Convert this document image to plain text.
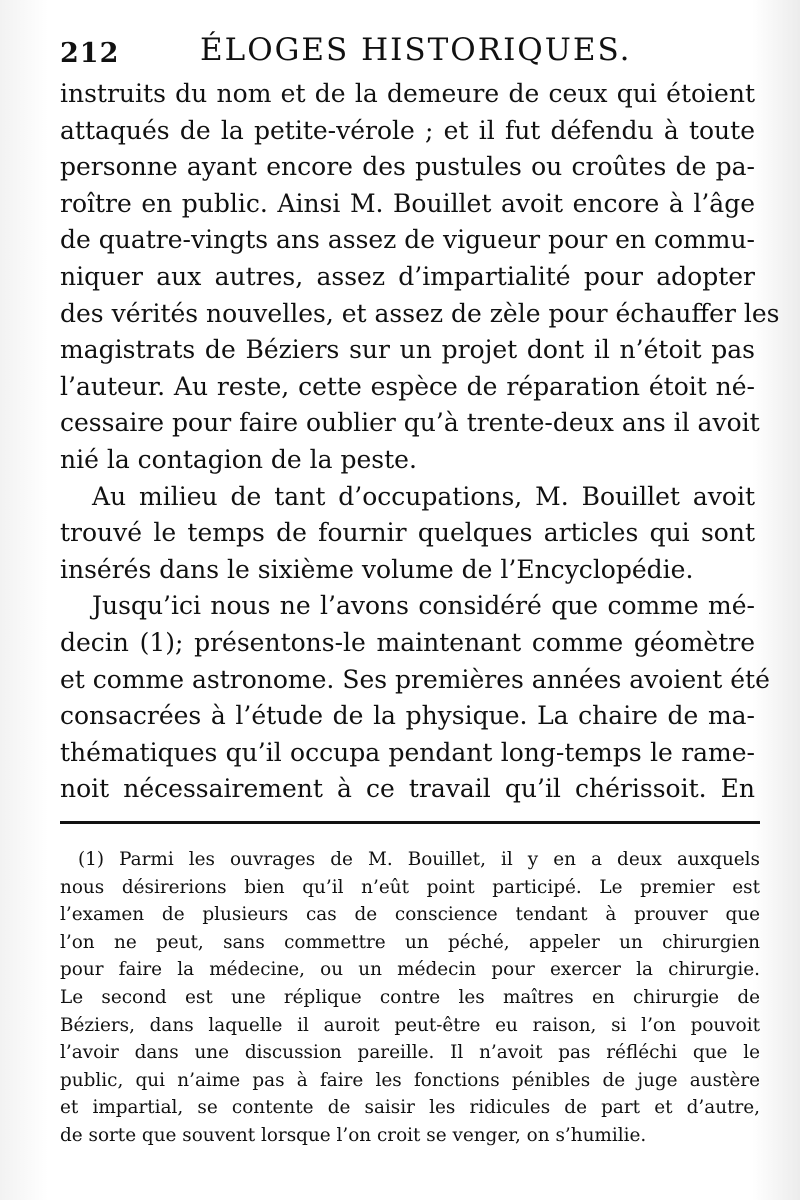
212	ÉLOGES HISTORIQUES.
instruits du nom et de la demeure de ceux qui étoient
attaqués de la petite-vérole ; et il fut défendu à toute
personne ayant encore des pustules ou croûtes de pa-
roître en public. Ainsi M. Bouillet avoit encore à l’âge
de quatre-vingts ans assez de vigueur pour en commu-
niquer aux autres, assez d’impartialité pour adopter
des vérités nouvelles, et assez de zèle pour échauffer les
magistrats de Béziers sur un projet dont il n’étoit pas
l’auteur. Au reste, cette espèce de réparation étoit né-
cessaire pour faire oublier qu’à trente-deux ans il avoit
nié la contagion de la peste.
Au milieu de tant d’occupations, M. Bouillet avoit
trouvé le temps de fournir quelques articles qui sont
insérés dans le sixième volume de l’Encyclopédie.
Jusqu’ici nous ne l’avons considéré que comme mé-
decin (1); présentons-le maintenant comme géomètre
et comme astronome. Ses premières années avoient été
consacrées à l’étude de la physique. La chaire de ma-
thématiques qu’il occupa pendant long-temps le rame-
noit nécessairement à ce travail qu’il chérissoit. En
(1) Parmi les ouvrages de M. Bouillet, il y en a deux auxquels
nous désirerions bien qu’il n’eût point participé. Le premier est
l’examen de plusieurs cas de conscience tendant à prouver que
l’on ne peut, sans commettre un péché, appeler un chirurgien
pour faire la médecine, ou un médecin pour exercer la chirurgie.
Le second est une réplique contre les maîtres en chirurgie de
Béziers, dans laquelle il auroit peut-être eu raison, si l’on pouvoit
l’avoir dans une discussion pareille. Il n’avoit pas réfléchi que le
public, qui n’aime pas à faire les fonctions pénibles de juge austère
et impartial, se contente de saisir les ridicules de part et d’autre,
de sorte que souvent lorsque l’on croit se venger, on s’humilie.
